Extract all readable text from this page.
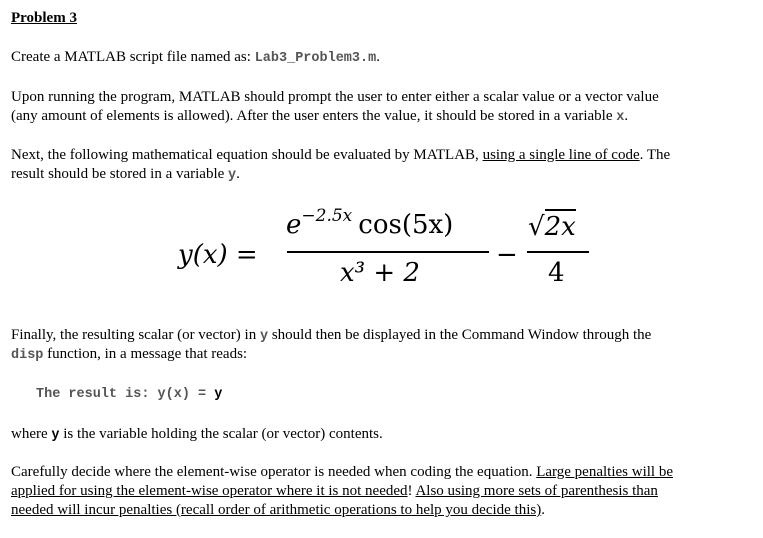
Problem 3
Create a MATLAB script file named as: Lab3_Problem3.m.
Upon running the program, MATLAB should prompt the user to enter either a scalar value or a vector value
(any amount of elements is allowed). After the user enters the value, it should be stored in a variable x.
Next, the following mathematical equation should be evaluated by MATLAB, using a single line of code. The
result should be stored in a variable y.
y(x) =
$e^{-2.5x}$ cos(5x)
x³ + 2
−
√2x
4
Finally, the resulting scalar (or vector) in y should then be displayed in the Command Window through the
disp function, in a message that reads:
The result is: y(x) = y
where y is the variable holding the scalar (or vector) contents.
Carefully decide where the element-wise operator is needed when coding the equation. Large penalties will be
applied for using the element-wise operator where it is not needed! Also using more sets of parenthesis than
needed will incur penalties (recall order of arithmetic operations to help you decide this).
